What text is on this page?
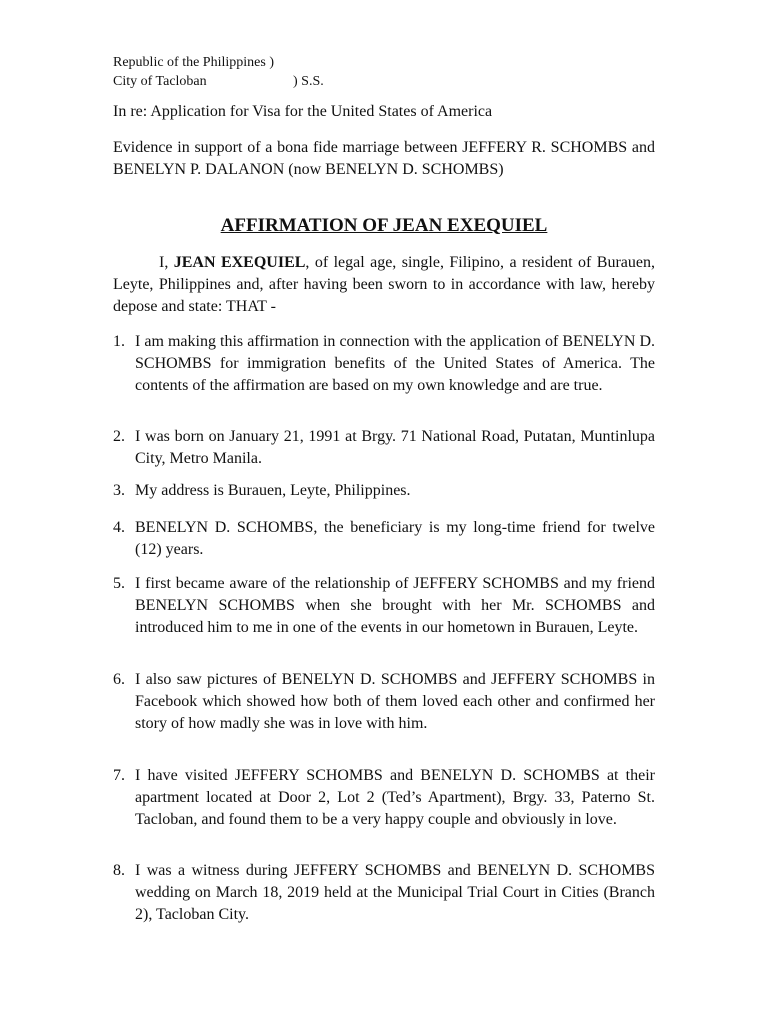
Republic of the Philippines )
City of Tacloban	) S.S.
In re: Application for Visa for the United States of America
Evidence in support of a bona fide marriage between JEFFERY R. SCHOMBS and BENELYN P. DALANON (now BENELYN D. SCHOMBS)
AFFIRMATION OF JEAN EXEQUIEL
I, JEAN EXEQUIEL, of legal age, single, Filipino, a resident of Burauen, Leyte, Philippines and, after having been sworn to in accordance with law, hereby depose and state: THAT -
1. I am making this affirmation in connection with the application of BENELYN D. SCHOMBS for immigration benefits of the United States of America. The contents of the affirmation are based on my own knowledge and are true.
2. I was born on January 21, 1991 at Brgy. 71 National Road, Putatan, Muntinlupa City, Metro Manila.
3. My address is Burauen, Leyte, Philippines.
4. BENELYN D. SCHOMBS, the beneficiary is my long-time friend for twelve (12) years.
5. I first became aware of the relationship of JEFFERY SCHOMBS and my friend BENELYN SCHOMBS when she brought with her Mr. SCHOMBS and introduced him to me in one of the events in our hometown in Burauen, Leyte.
6. I also saw pictures of BENELYN D. SCHOMBS and JEFFERY SCHOMBS in Facebook which showed how both of them loved each other and confirmed her story of how madly she was in love with him.
7. I have visited JEFFERY SCHOMBS and BENELYN D. SCHOMBS at their apartment located at Door 2, Lot 2 (Ted’s Apartment), Brgy. 33, Paterno St. Tacloban, and found them to be a very happy couple and obviously in love.
8. I was a witness during JEFFERY SCHOMBS and BENELYN D. SCHOMBS wedding on March 18, 2019 held at the Municipal Trial Court in Cities (Branch 2), Tacloban City.
